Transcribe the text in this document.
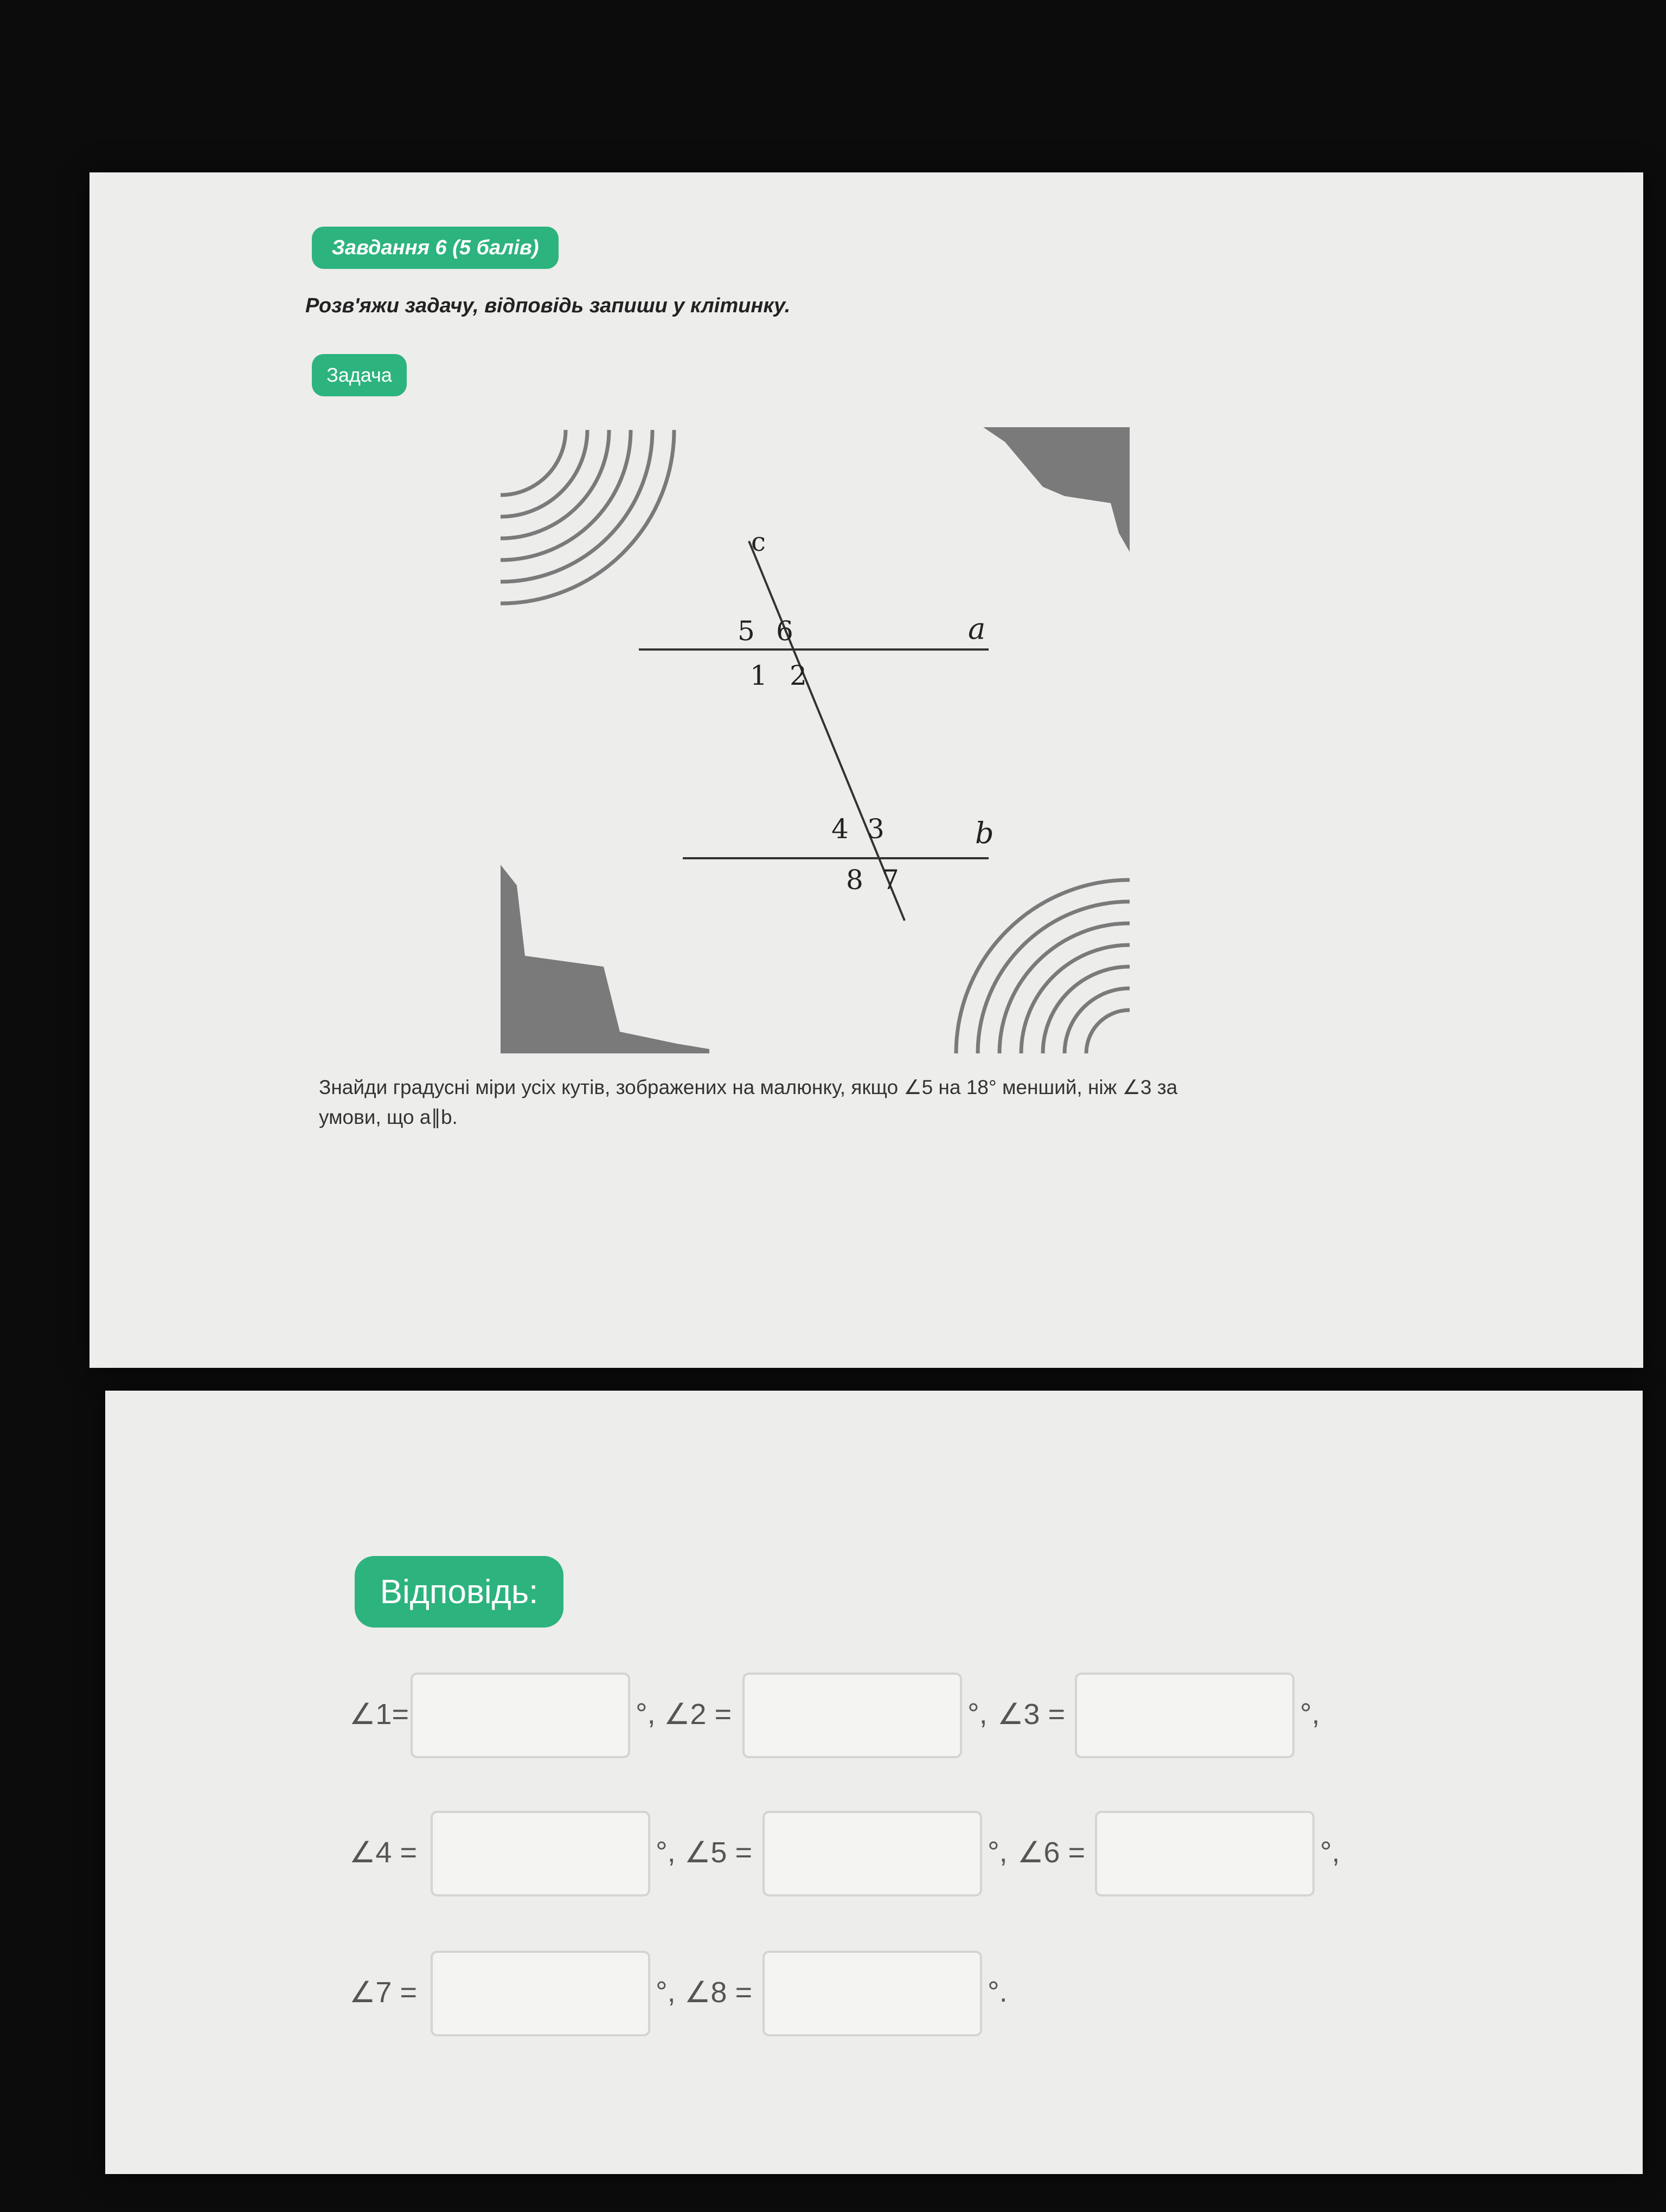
Завдання 6 (5 балів)
Розв'яжи задачу, відповідь запиши у клітинку.
Задача
c
a
b
5 6
1 2
4 3
8 7
Знайди градусні міри усіх кутів, зображених на малюнку, якщо ∠5 на 18° менший, ніж ∠3 за
умови, що a∥b.
Відповідь:
∠1=	°, ∠2 =	°, ∠3 =	°,
∠4 =	°, ∠5 =	°, ∠6 =	°,
∠7 =	°, ∠8 =	°.
